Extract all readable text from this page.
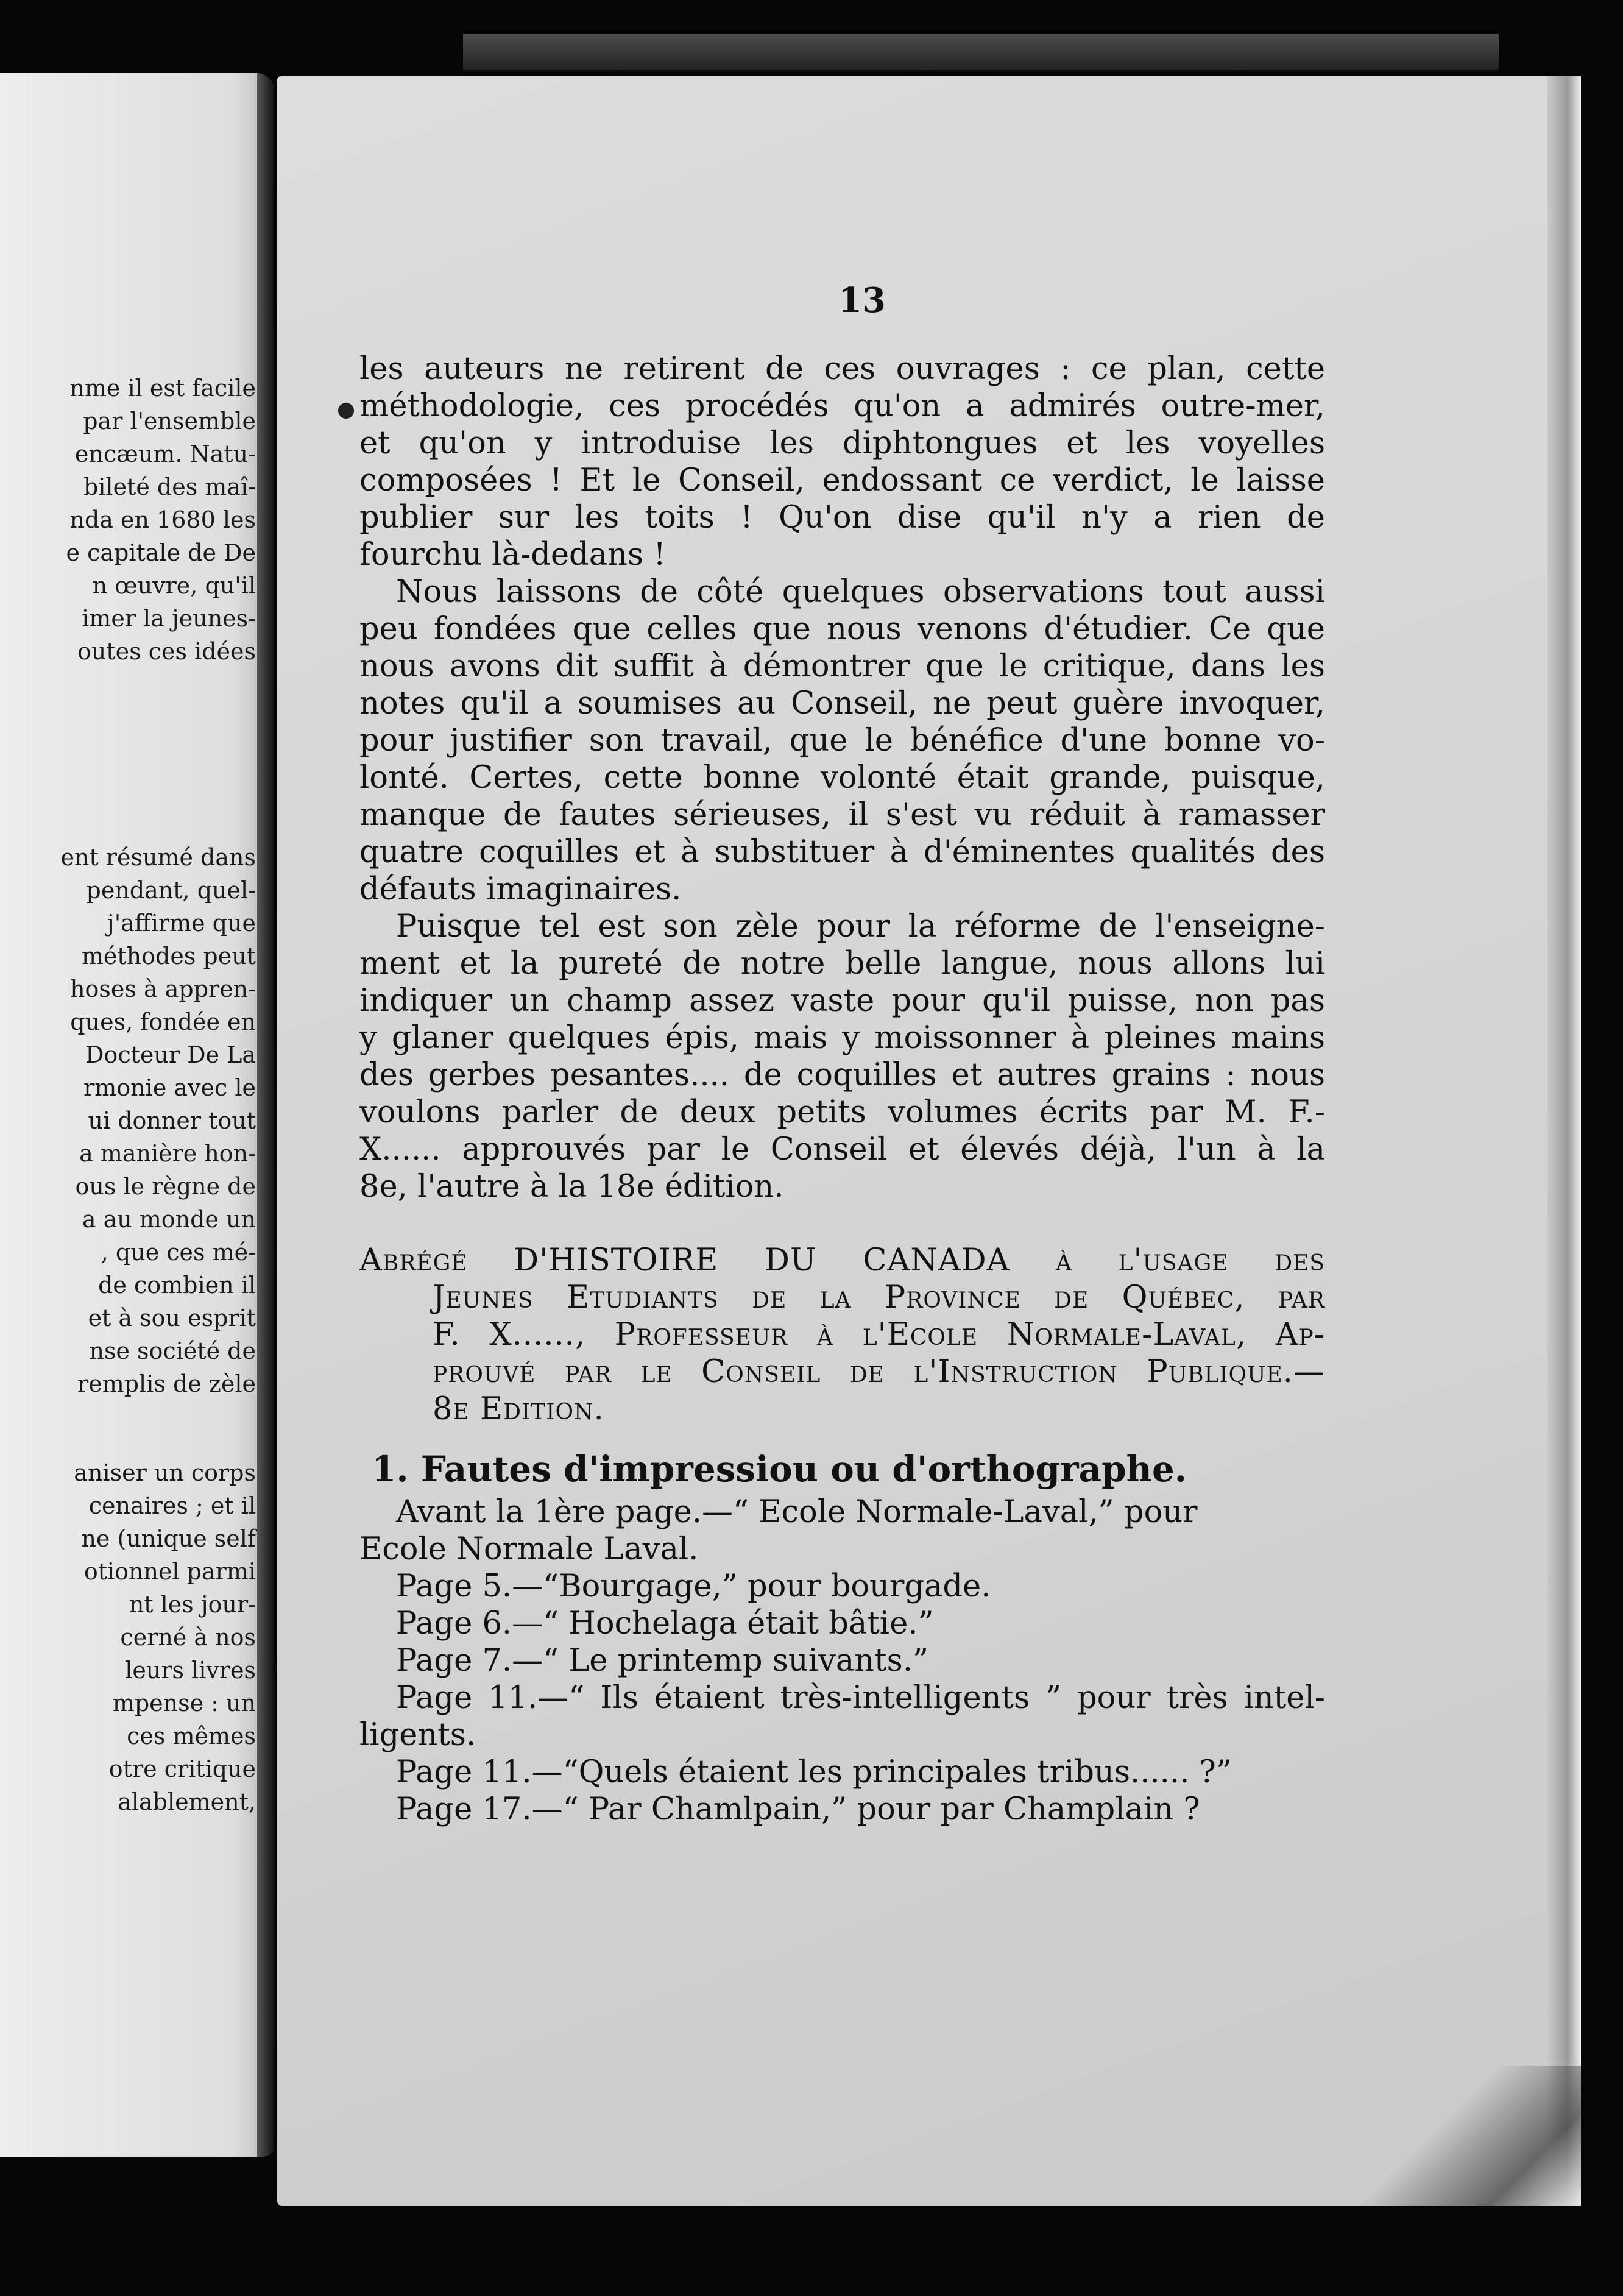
nme il est facile
par l'ensemble
encæum. Natu-
bileté des maî-
nda en 1680 les
e capitale de De
n œuvre, qu'il
imer la jeunes-
outes ces idées
ent résumé dans
pendant, quel-
j'affirme que
méthodes peut
hoses à appren-
ques, fondée en
Docteur De La
rmonie avec le
ui donner tout
a manière hon-
ous le règne de
a au monde un
, que ces mé-
de combien il
et à sou esprit
nse société de
remplis de zèle
aniser un corps
cenaires ; et il
ne (unique self
otionnel parmi
nt les jour-
cerné à nos
leurs livres
mpense : un
ces mêmes
otre critique
alablement,
13
les auteurs ne retirent de ces ouvrages : ce plan, cette
méthodologie, ces procédés qu'on a admirés outre-mer,
et qu'on y introduise les diphtongues et les voyelles
composées ! Et le Conseil, endossant ce verdict, le laisse
publier sur les toits ! Qu'on dise qu'il n'y a rien de
fourchu là-dedans !
Nous laissons de côté quelques observations tout aussi
peu fondées que celles que nous venons d'étudier. Ce que
nous avons dit suffit à démontrer que le critique, dans les
notes qu'il a soumises au Conseil, ne peut guère invoquer,
pour justifier son travail, que le bénéfice d'une bonne vo-
lonté. Certes, cette bonne volonté était grande, puisque,
manque de fautes sérieuses, il s'est vu réduit à ramasser
quatre coquilles et à substituer à d'éminentes qualités des
défauts imaginaires.
Puisque tel est son zèle pour la réforme de l'enseigne-
ment et la pureté de notre belle langue, nous allons lui
indiquer un champ assez vaste pour qu'il puisse, non pas
y glaner quelques épis, mais y moissonner à pleines mains
des gerbes pesantes.... de coquilles et autres grains : nous
voulons parler de deux petits volumes écrits par M. F.-
X...... approuvés par le Conseil et élevés déjà, l'un à la
8e, l'autre à la 18e édition.
Abrégé D'HISTOIRE DU CANADA à l'usage des
Jeunes Etudiants de la Province de Québec, par
F. X......, Professeur à l'Ecole Normale-Laval, Ap-
prouvé par le Conseil de l'Instruction Publique.—
8e Edition.
1. Fautes d'impressiou ou d'orthographe.
Avant la 1ère page.—“ Ecole Normale-Laval,” pour
Ecole Normale Laval.
Page 5.—“Bourgage,” pour bourgade.
Page 6.—“ Hochelaga était bâtie.”
Page 7.—“ Le printemp suivants.”
Page 11.—“ Ils étaient très-intelligents ” pour très intel-
ligents.
Page 11.—“Quels étaient les principales tribus...... ?”
Page 17.—“ Par Chamlpain,” pour par Champlain ?
